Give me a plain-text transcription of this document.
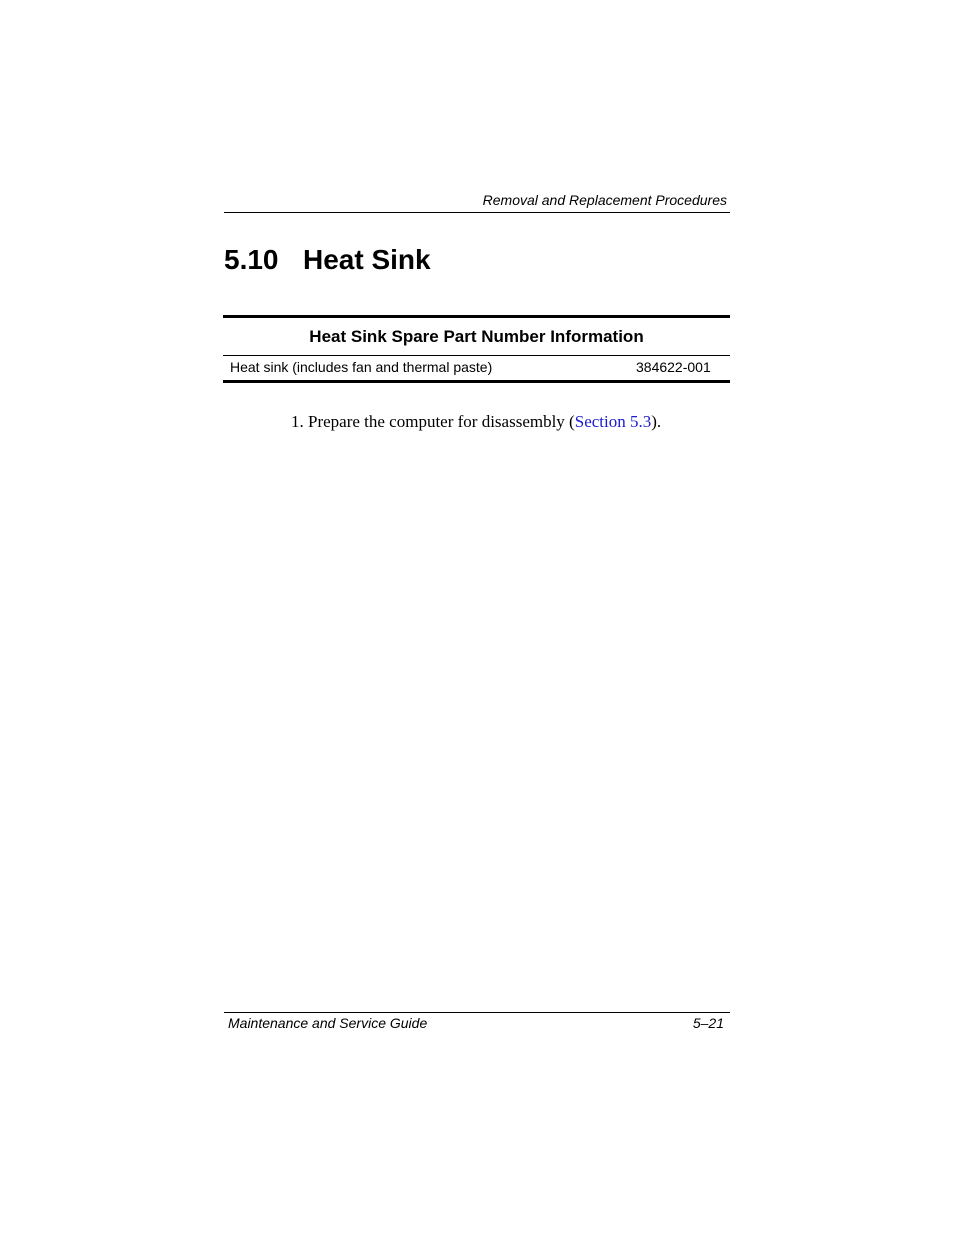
Removal and Replacement Procedures
5.10 Heat Sink
Heat Sink Spare Part Number Information
Heat sink (includes fan and thermal paste)	384622-001
1. Prepare the computer for disassembly (Section 5.3).
Maintenance and Service Guide	5–21
